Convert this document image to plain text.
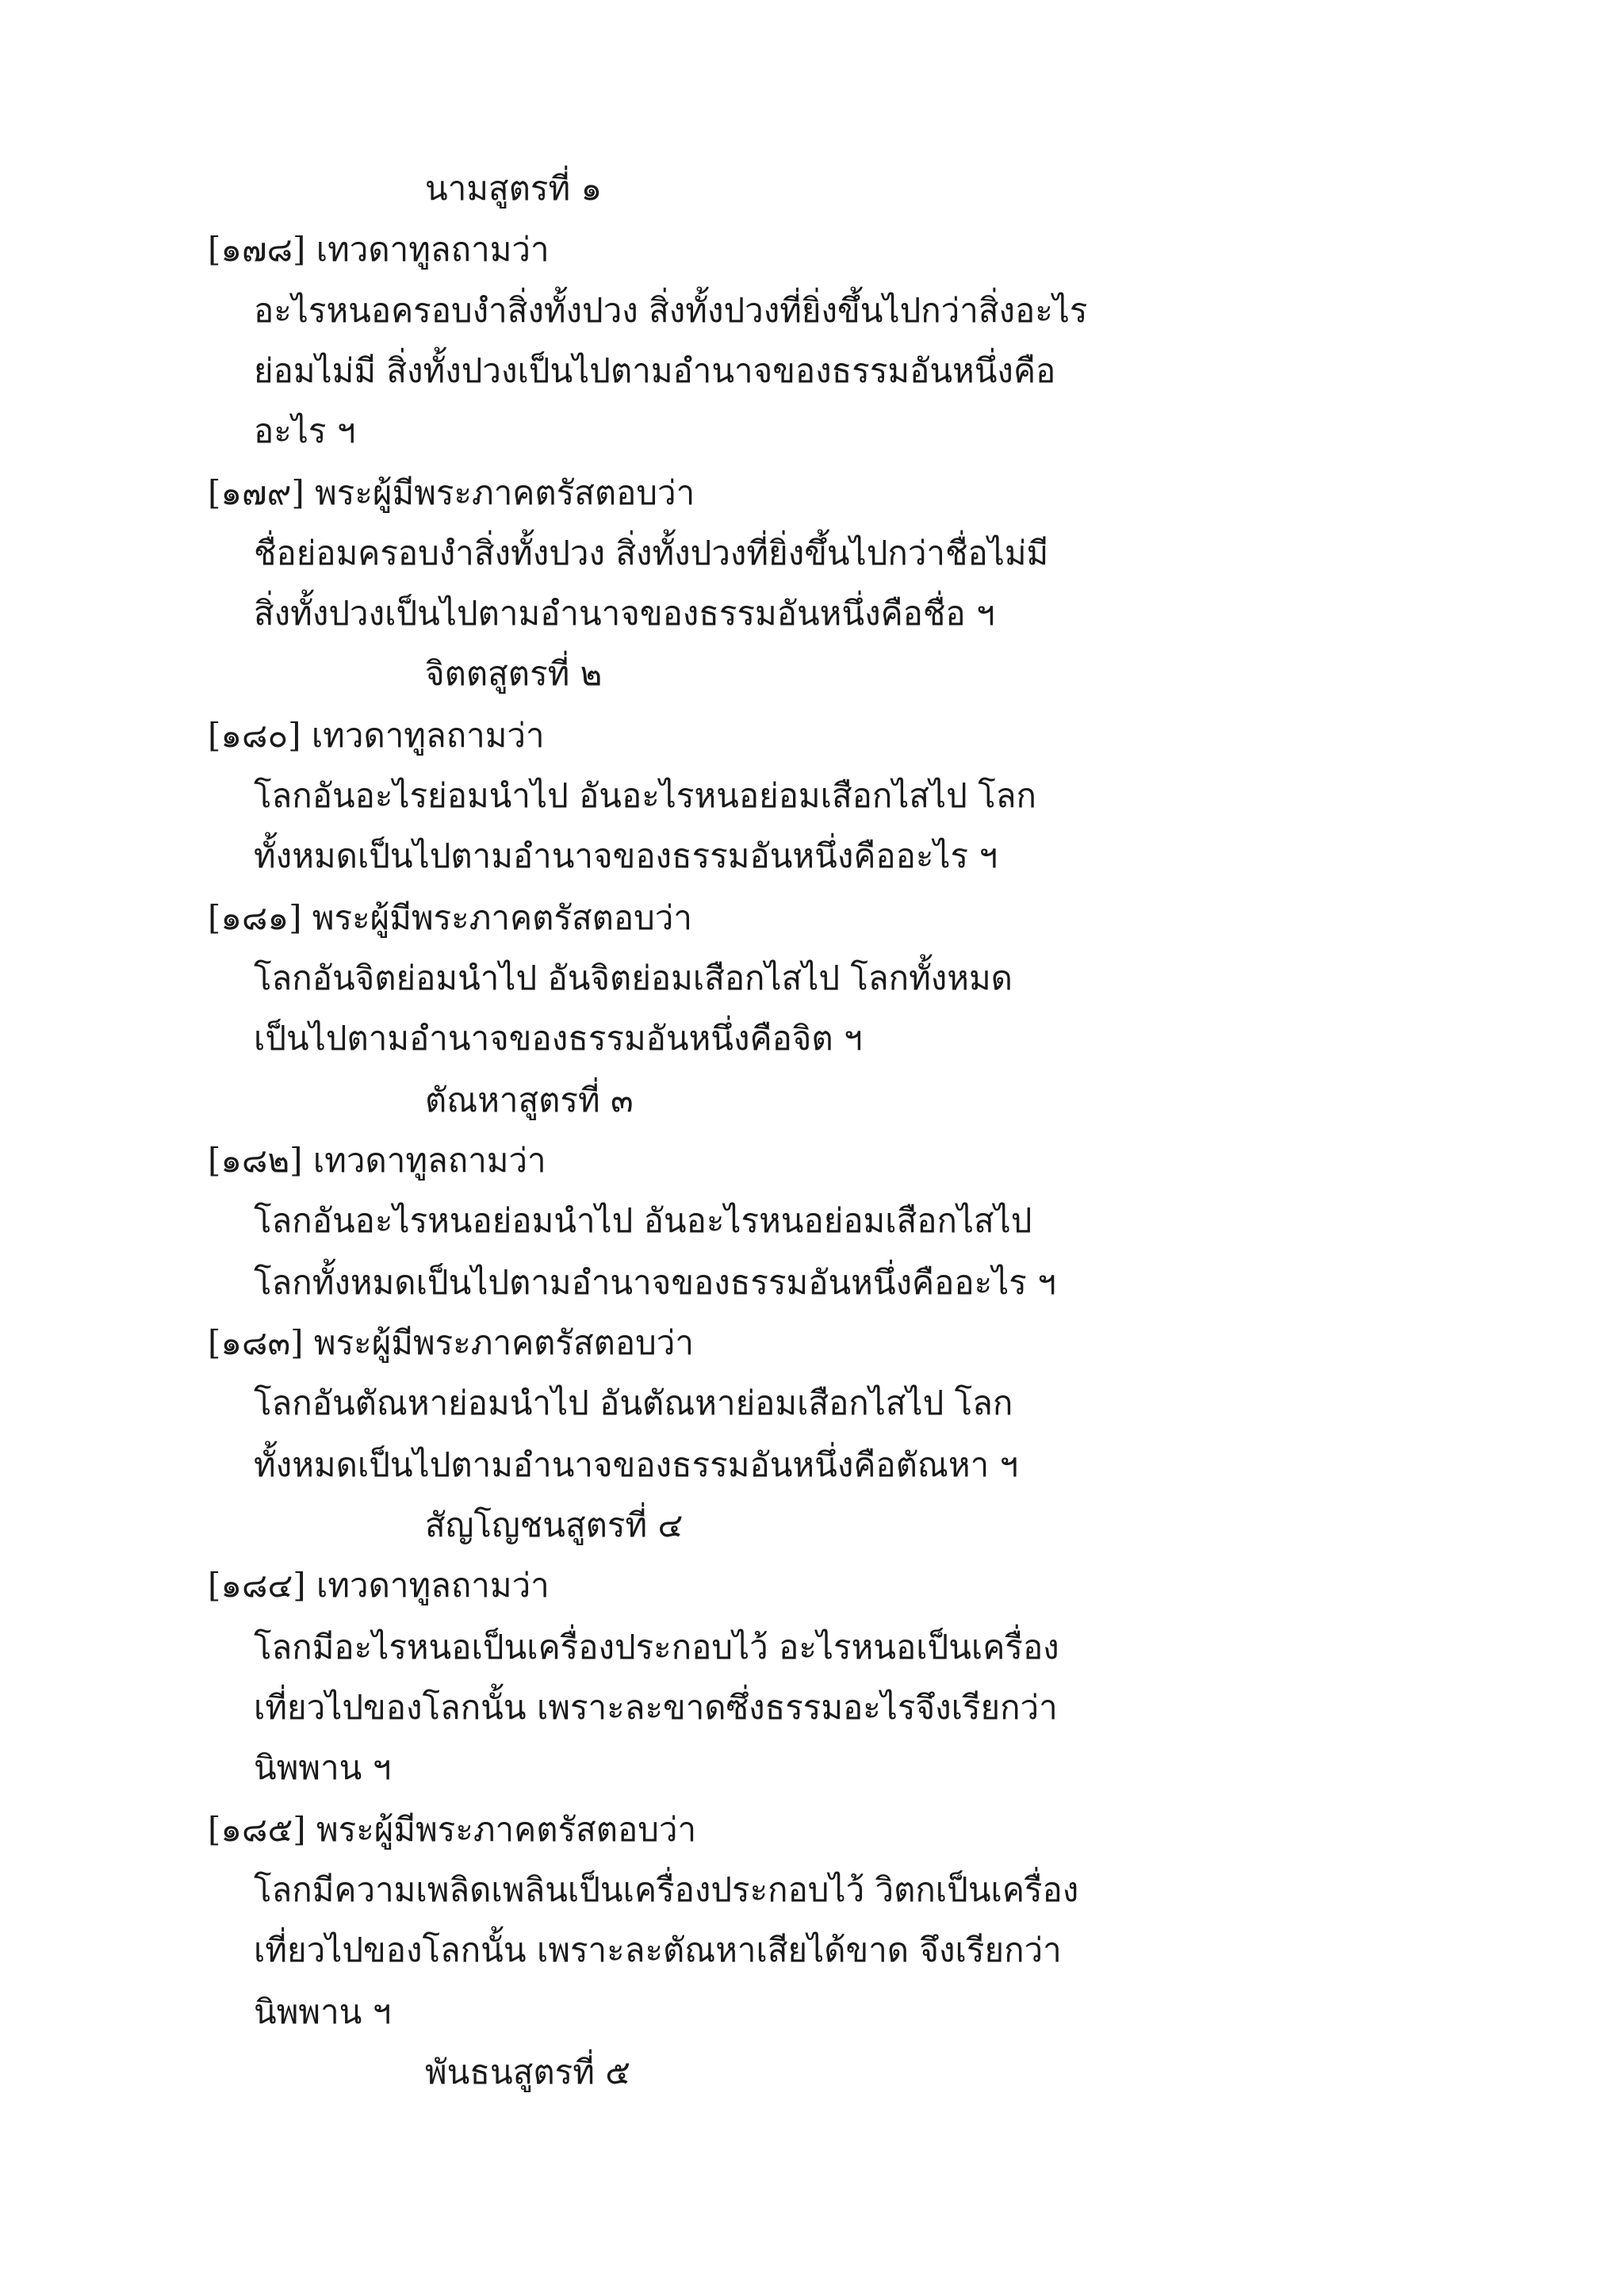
นามสูตรที่ ๑
[๑๗๘] เทวดาทูลถามว่า
อะไรหนอครอบงำสิ่งทั้งปวง สิ่งทั้งปวงที่ยิ่งขึ้นไปกว่าสิ่งอะไร
ย่อมไม่มี สิ่งทั้งปวงเป็นไปตามอำนาจของธรรมอันหนึ่งคือ
อะไร ฯ
[๑๗๙] พระผู้มีพระภาคตรัสตอบว่า
ชื่อย่อมครอบงำสิ่งทั้งปวง สิ่งทั้งปวงที่ยิ่งขึ้นไปกว่าชื่อไม่มี
สิ่งทั้งปวงเป็นไปตามอำนาจของธรรมอันหนึ่งคือชื่อ ฯ
จิตตสูตรที่ ๒
[๑๘๐] เทวดาทูลถามว่า
โลกอันอะไรย่อมนำไป อันอะไรหนอย่อมเสือกไสไป โลก
ทั้งหมดเป็นไปตามอำนาจของธรรมอันหนึ่งคืออะไร ฯ
[๑๘๑] พระผู้มีพระภาคตรัสตอบว่า
โลกอันจิตย่อมนำไป อันจิตย่อมเสือกไสไป โลกทั้งหมด
เป็นไปตามอำนาจของธรรมอันหนึ่งคือจิต ฯ
ตัณหาสูตรที่ ๓
[๑๘๒] เทวดาทูลถามว่า
โลกอันอะไรหนอย่อมนำไป อันอะไรหนอย่อมเสือกไสไป
โลกทั้งหมดเป็นไปตามอำนาจของธรรมอันหนึ่งคืออะไร ฯ
[๑๘๓] พระผู้มีพระภาคตรัสตอบว่า
โลกอันตัณหาย่อมนำไป อันตัณหาย่อมเสือกไสไป โลก
ทั้งหมดเป็นไปตามอำนาจของธรรมอันหนึ่งคือตัณหา ฯ
สัญโญชนสูตรที่ ๔
[๑๘๔] เทวดาทูลถามว่า
โลกมีอะไรหนอเป็นเครื่องประกอบไว้ อะไรหนอเป็นเครื่อง
เที่ยวไปของโลกนั้น เพราะละขาดซึ่งธรรมอะไรจึงเรียกว่า
นิพพาน ฯ
[๑๘๕] พระผู้มีพระภาคตรัสตอบว่า
โลกมีความเพลิดเพลินเป็นเครื่องประกอบไว้ วิตกเป็นเครื่อง
เที่ยวไปของโลกนั้น เพราะละตัณหาเสียได้ขาด จึงเรียกว่า
นิพพาน ฯ
พันธนสูตรที่ ๕
